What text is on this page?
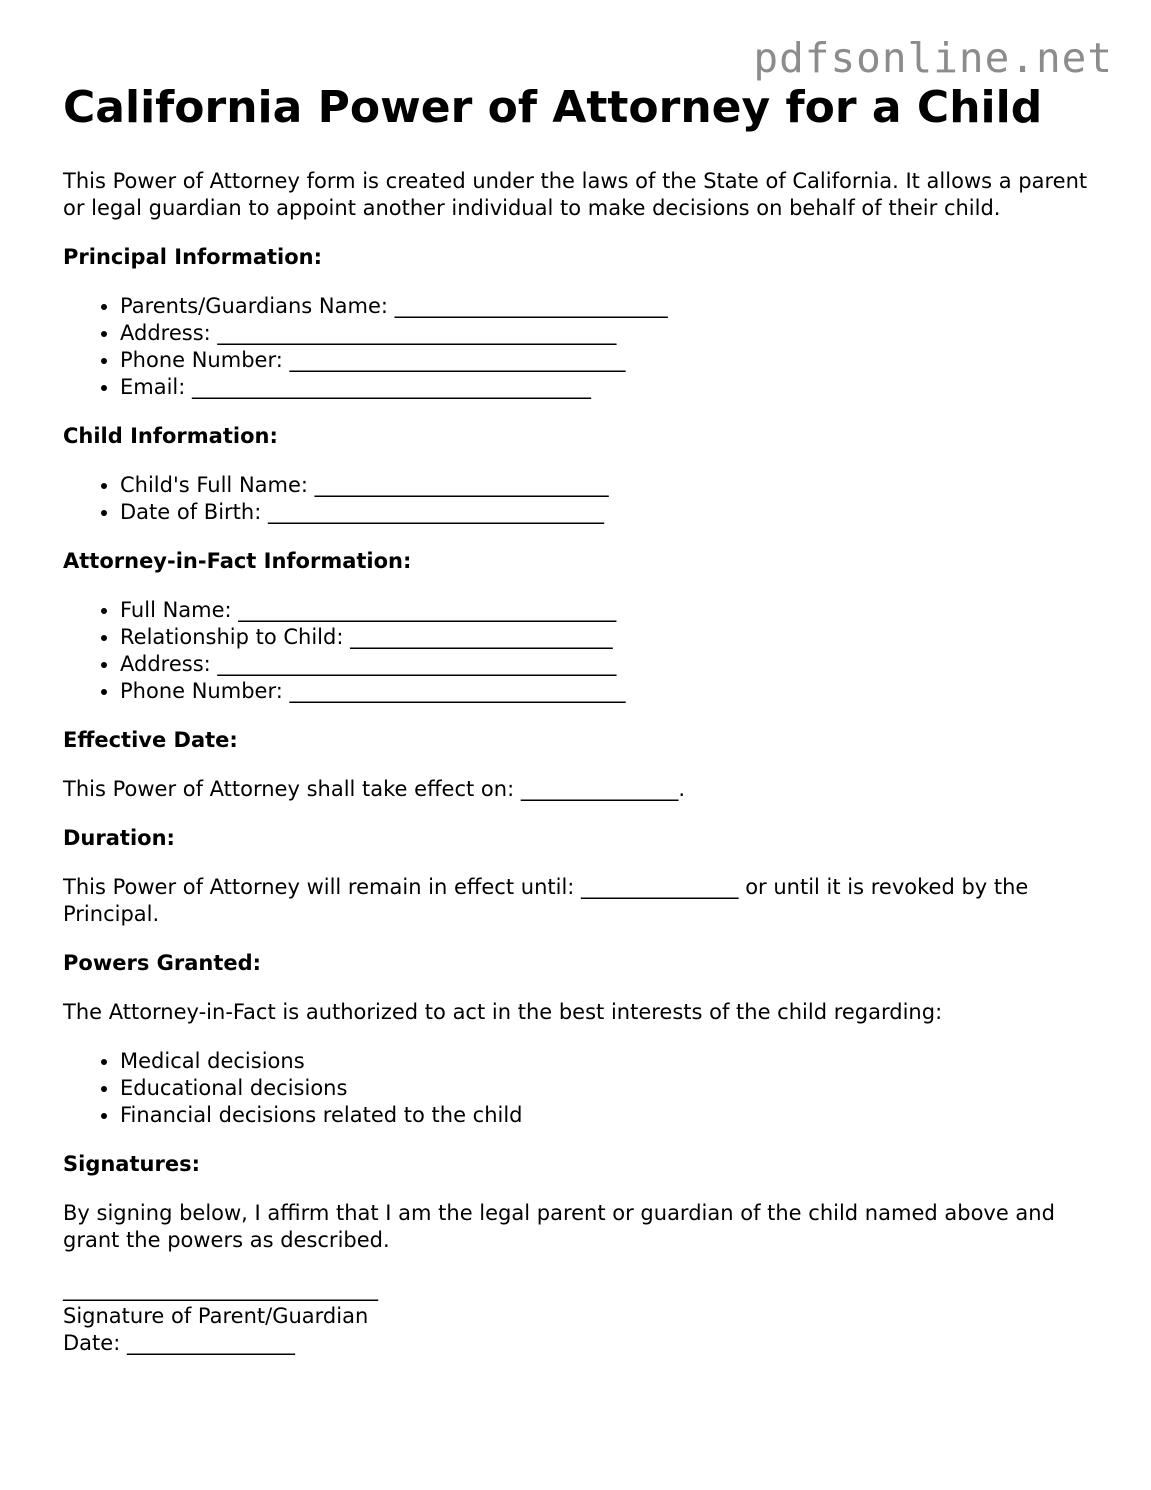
pdfsonline.net
California Power of Attorney for a Child

This Power of Attorney form is created under the laws of the State of California. It allows a parent or legal guardian to appoint another individual to make decisions on behalf of their child.

Principal Information:
• Parents/Guardians Name: __________________________
• Address: ______________________________________
• Phone Number: ________________________________
• Email: ______________________________________
Child Information:
• Child's Full Name: ____________________________
• Date of Birth: ________________________________
Attorney-in-Fact Information:
• Full Name: ____________________________________
• Relationship to Child: _________________________
• Address: ______________________________________
• Phone Number: ________________________________
Effective Date:

This Power of Attorney shall take effect on: _______________.

Duration:

This Power of Attorney will remain in effect until: _______________ or until it is revoked by the Principal.

Powers Granted:

The Attorney-in-Fact is authorized to act in the best interests of the child regarding:

• Medical decisions
• Educational decisions
• Financial decisions related to the child
Signatures:

By signing below, I affirm that I am the legal parent or guardian of the child named above and grant the powers as described.

______________________________
Signature of Parent/Guardian
Date: ________________
